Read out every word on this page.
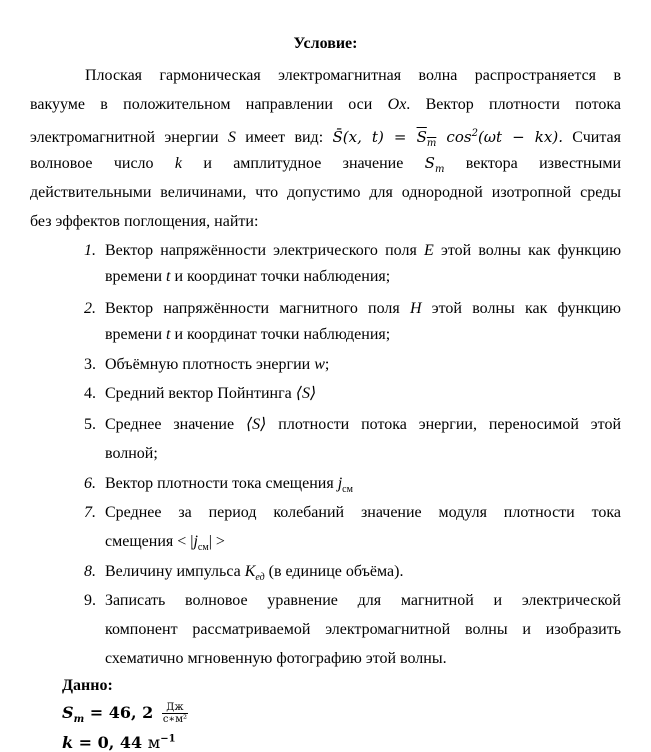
Условие:

Плоская гармоническая электромагнитная волна распространяется в

вакууме в положительном направлении оси Ox. Вектор плотности потока

электромагнитной энергии S имеет вид: S̄(x, $t) = S_m$ $\cos^2(\omega t - kx)$. Считая

волновое число k и амплитудное значение $S_m$ вектора известными

действительными величинами, что допустимо для однородной изотропной среды

без эффектов поглощения, найти:

1. Вектор напряжённости электрического поля E этой волны как функцию

времени t и координат точки наблюдения;

2. Вектор напряжённости магнитного поля H этой волны как функцию

времени t и координат точки наблюдения;

3. Объёмную плотность энергии w;

4. Средний вектор Пойнтинга ⟨S⟩

5. Среднее значение ⟨S⟩ плотности потока энергии, переносимой этой

волной;

6. Вектор плотности тока смещения $j_{см}$

7. Среднее за период колебаний значение модуля плотности тока

смещения < $|j_{см}|$ >

8. Величину импульса $K_{ед}$ (в единице объёма).

9. Записать волновое уравнение для магнитной и электрической

компонент рассматриваемой электромагнитной волны и изобразить

схематично мгновенную фотографию этой волны.

Данно:
$S_m = 46$, $2 \frac{Дж}{\text{с∗м²}}$
k = 0, 44 $м^{-1}$
